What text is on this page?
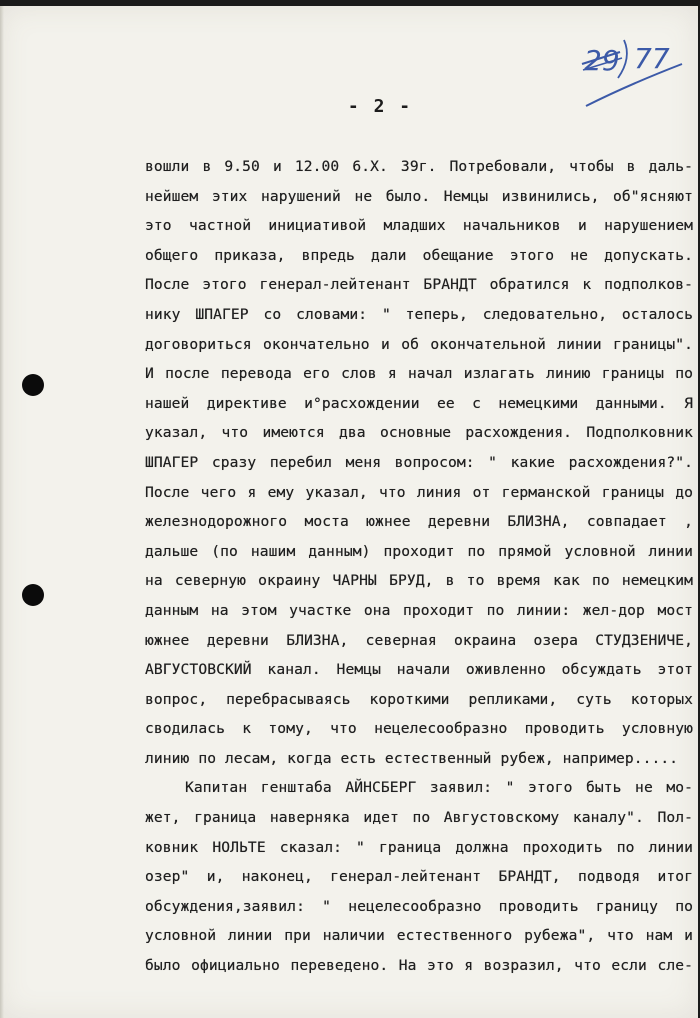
29 77
- 2 -
вошли в 9.50 и 12.00 6.Х. 39г. Потребовали, чтобы в даль-
нейшем этих нарушений не было. Немцы извинились, об"ясняют
это частной инициативой младших начальников и нарушением
общего приказа, впредь дали обещание этого не допускать.
После этого генерал-лейтенант БРАНДТ обратился к подполков-
нику ШПАГЕР со словами: " теперь, следовательно, осталось
договориться окончательно и об окончательной линии границы".
И после перевода его слов я начал излагать линию границы по
нашей директиве и°расхождении ее с немецкими данными. Я
указал, что имеются два основные расхождения. Подполковник
ШПАГЕР сразу перебил меня вопросом: " какие расхождения?".
После чего я ему указал, что линия от германской границы до
железнодорожного моста южнее деревни БЛИЗНА, совпадает ,
дальше (по нашим данным) проходит по прямой условной линии
на северную окраину ЧАРНЫ БРУД, в то время как по немецким
данным на этом участке она проходит по линии: жел-дор мост
южнее деревни БЛИЗНА, северная окраина озера СТУДЗЕНИЧЕ,
АВГУСТОВСКИЙ канал. Немцы начали оживленно обсуждать этот
вопрос, перебрасываясь короткими репликами, суть которых
сводилась к тому, что нецелесообразно проводить условную
линию по лесам, когда есть естественный рубеж, например.....
Капитан генштаба АЙНСБЕРГ заявил: " этого быть не мо-
жет, граница наверняка идет по Августовскому каналу". Пол-
ковник НОЛЬТЕ сказал: " граница должна проходить по линии
озер" и, наконец, генерал-лейтенант БРАНДТ, подводя итог
обсуждения,заявил: " нецелесообразно проводить границу по
условной линии при наличии естественного рубежа", что нам и
было официально переведено. На это я возразил, что если сле-
